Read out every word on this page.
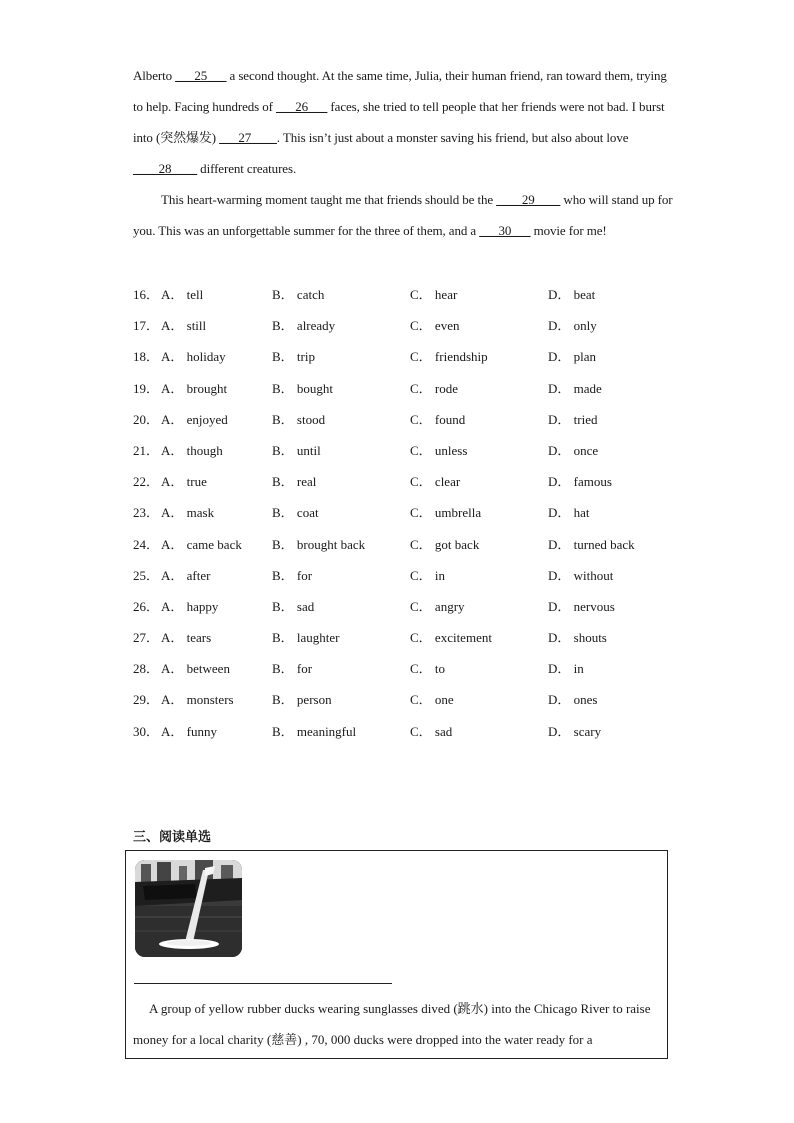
Alberto ___25___ a second thought. At the same time, Julia, their human friend, ran toward them, trying to help. Facing hundreds of ___26___ faces, she tried to tell people that her friends were not bad. I burst into (突然爆发) ___27____. This isn’t just about a monster saving his friend, but also about love ____28____ different creatures.

This heart-warming moment taught me that friends should be the ____29____ who will stand up for you. This was an unforgettable summer for the three of them, and a ___30___ movie for me!

16． A． tell	B． catch	C． hear	D． beat
17． A． still	B． already	C． even	D． only
18． A． holiday	B． trip	C． friendship	D． plan
19． A． brought	B． bought	C． rode	D． made
20． A． enjoyed	B． stood	C． found	D． tried
21． A． though	B． until	C． unless	D． once
22． A． true	B． real	C． clear	D． famous
23． A． mask	B． coat	C． umbrella	D． hat
24． A． came back B． brought back	C． got back	D． turned back
25． A． after	B． for	C． in	D． without
26． A． happy	B． sad	C． angry	D． nervous
27． A． tears	B． laughter	C． excitement	D． shouts
28． A． between	B． for	C． to	D． in
29． A． monsters	B． person	C． one	D． ones
30． A． funny	B． meaningful	C． sad	D． scary

三、阅读单选

A group of yellow rubber ducks wearing sunglasses dived (跳水) into the Chicago River to raise money for a local charity (慈善) , 70, 000 ducks were dropped into the water ready for a
